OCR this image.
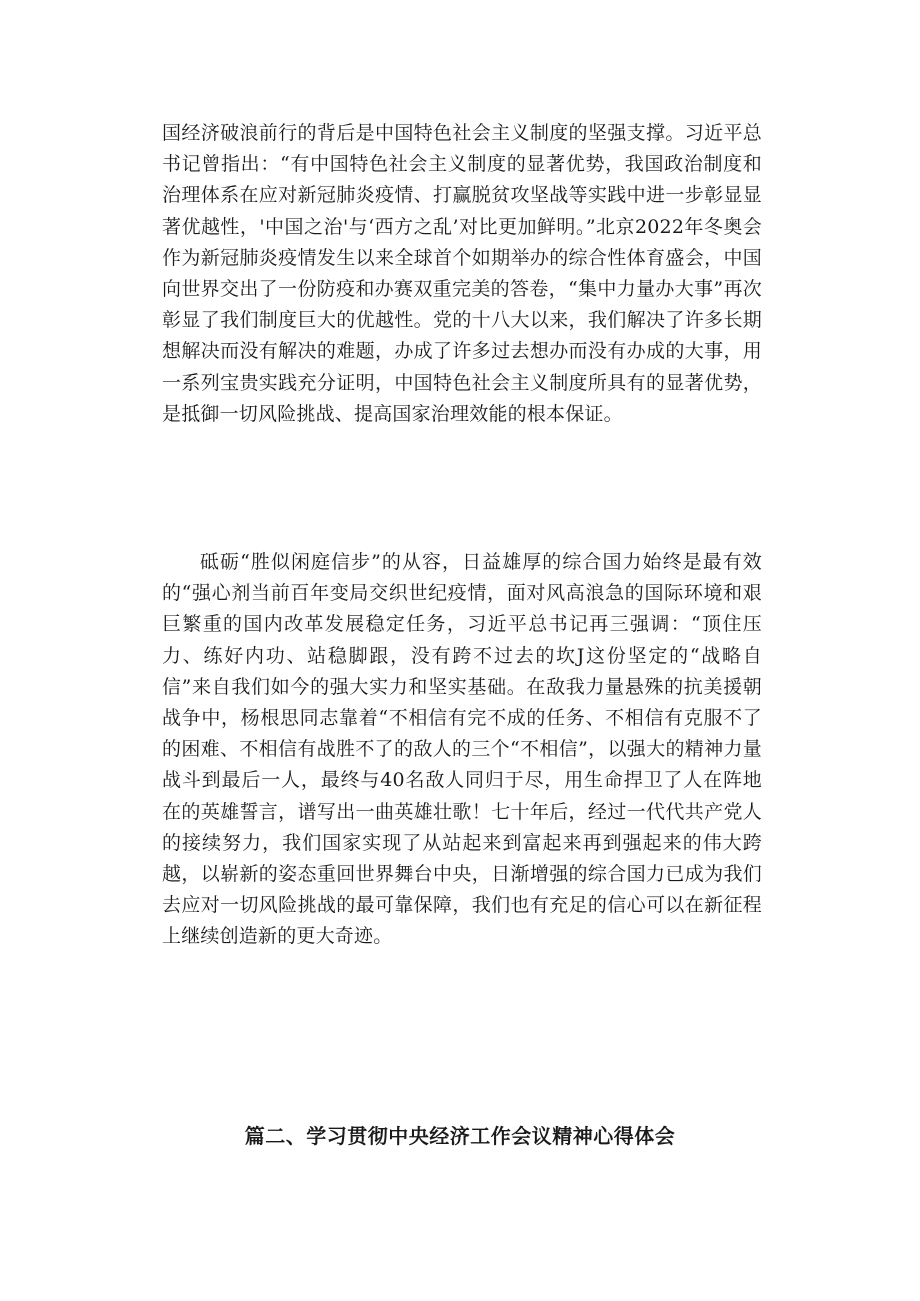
国经济破浪前行的背后是中国特色社会主义制度的坚强支撑。习近平总书记曾指出：“有中国特色社会主义制度的显著优势，我国政治制度和治理体系在应对新冠肺炎疫情、打赢脱贫攻坚战等实践中进一步彰显显著优越性，'中国之治'与‘西方之乱’对比更加鲜明。”北京2022年冬奥会作为新冠肺炎疫情发生以来全球首个如期举办的综合性体育盛会，中国向世界交出了一份防疫和办赛双重完美的答卷，“集中力量办大事”再次彰显了我们制度巨大的优越性。党的十八大以来，我们解决了许多长期想解决而没有解决的难题，办成了许多过去想办而没有办成的大事，用一系列宝贵实践充分证明，中国特色社会主义制度所具有的显著优势，是抵御一切风险挑战、提高国家治理效能的根本保证。

砥砺“胜似闲庭信步”的从容，日益雄厚的综合国力始终是最有效的“强心剂当前百年变局交织世纪疫情，面对风高浪急的国际环境和艰巨繁重的国内改革发展稳定任务，习近平总书记再三强调：“顶住压力、练好内功、站稳脚跟，没有跨不过去的坎J这份坚定的“战略自信”来自我们如今的强大实力和坚实基础。在敌我力量悬殊的抗美援朝战争中，杨根思同志靠着“不相信有完不成的任务、不相信有克服不了的困难、不相信有战胜不了的敌人的三个“不相信”，以强大的精神力量战斗到最后一人，最终与40名敌人同归于尽，用生命捍卫了人在阵地在的英雄誓言，谱写出一曲英雄壮歌！七十年后，经过一代代共产党人的接续努力，我们国家实现了从站起来到富起来再到强起来的伟大跨越，以崭新的姿态重回世界舞台中央，日渐增强的综合国力已成为我们去应对一切风险挑战的最可靠保障，我们也有充足的信心可以在新征程上继续创造新的更大奇迹。

篇二、学习贯彻中央经济工作会议精神心得体会
